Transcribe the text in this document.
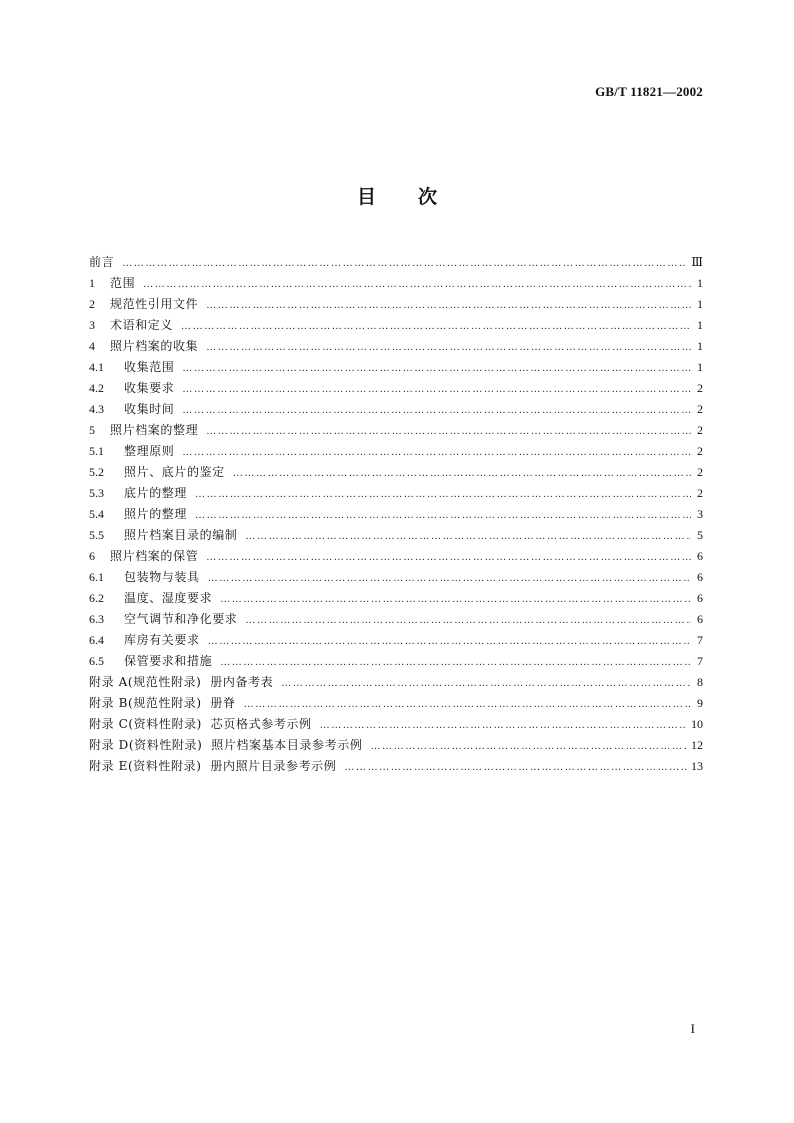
GB/T 11821—2002
目 次
前言 ……………………………………………………………………………………………………………………………………………………………………………………	Ⅲ
1	范围 ……………………………………………………………………………………………………………………………………………………………………………………	1
2	规范性引用文件 ……………………………………………………………………………………………………………………………………………………………………………………	1
3	术语和定义 ……………………………………………………………………………………………………………………………………………………………………………………	1
4	照片档案的收集 ……………………………………………………………………………………………………………………………………………………………………………………	1
4.1	收集范围 ……………………………………………………………………………………………………………………………………………………………………………………	1
4.2	收集要求 ……………………………………………………………………………………………………………………………………………………………………………………	2
4.3	收集时间 ……………………………………………………………………………………………………………………………………………………………………………………	2
5	照片档案的整理 ……………………………………………………………………………………………………………………………………………………………………………………	2
5.1	整理原则 ……………………………………………………………………………………………………………………………………………………………………………………	2
5.2	照片、底片的鉴定 ……………………………………………………………………………………………………………………………………………………………………………………	2
5.3	底片的整理 ……………………………………………………………………………………………………………………………………………………………………………………	2
5.4	照片的整理 ……………………………………………………………………………………………………………………………………………………………………………………	3
5.5	照片档案目录的编制 ……………………………………………………………………………………………………………………………………………………………………………………	5
6	照片档案的保管 ……………………………………………………………………………………………………………………………………………………………………………………	6
6.1	包装物与装具 ……………………………………………………………………………………………………………………………………………………………………………………	6
6.2	温度、湿度要求 ……………………………………………………………………………………………………………………………………………………………………………………	6
6.3	空气调节和净化要求 ……………………………………………………………………………………………………………………………………………………………………………………	6
6.4	库房有关要求 ……………………………………………………………………………………………………………………………………………………………………………………	7
6.5	保管要求和措施 ……………………………………………………………………………………………………………………………………………………………………………………	7
附录 A(规范性附录)  册内备考表 ……………………………………………………………………………………………………………………………………………………………………………………	8
附录 B(规范性附录)  册脊 ……………………………………………………………………………………………………………………………………………………………………………………	9
附录 C(资料性附录)  芯页格式参考示例 ……………………………………………………………………………………………………………………………………………………………………………………	10
附录 D(资料性附录)  照片档案基本目录参考示例 ……………………………………………………………………………………………………………………………………………………………………………………	12
附录 E(资料性附录)  册内照片目录参考示例 ……………………………………………………………………………………………………………………………………………………………………………………	13
I
